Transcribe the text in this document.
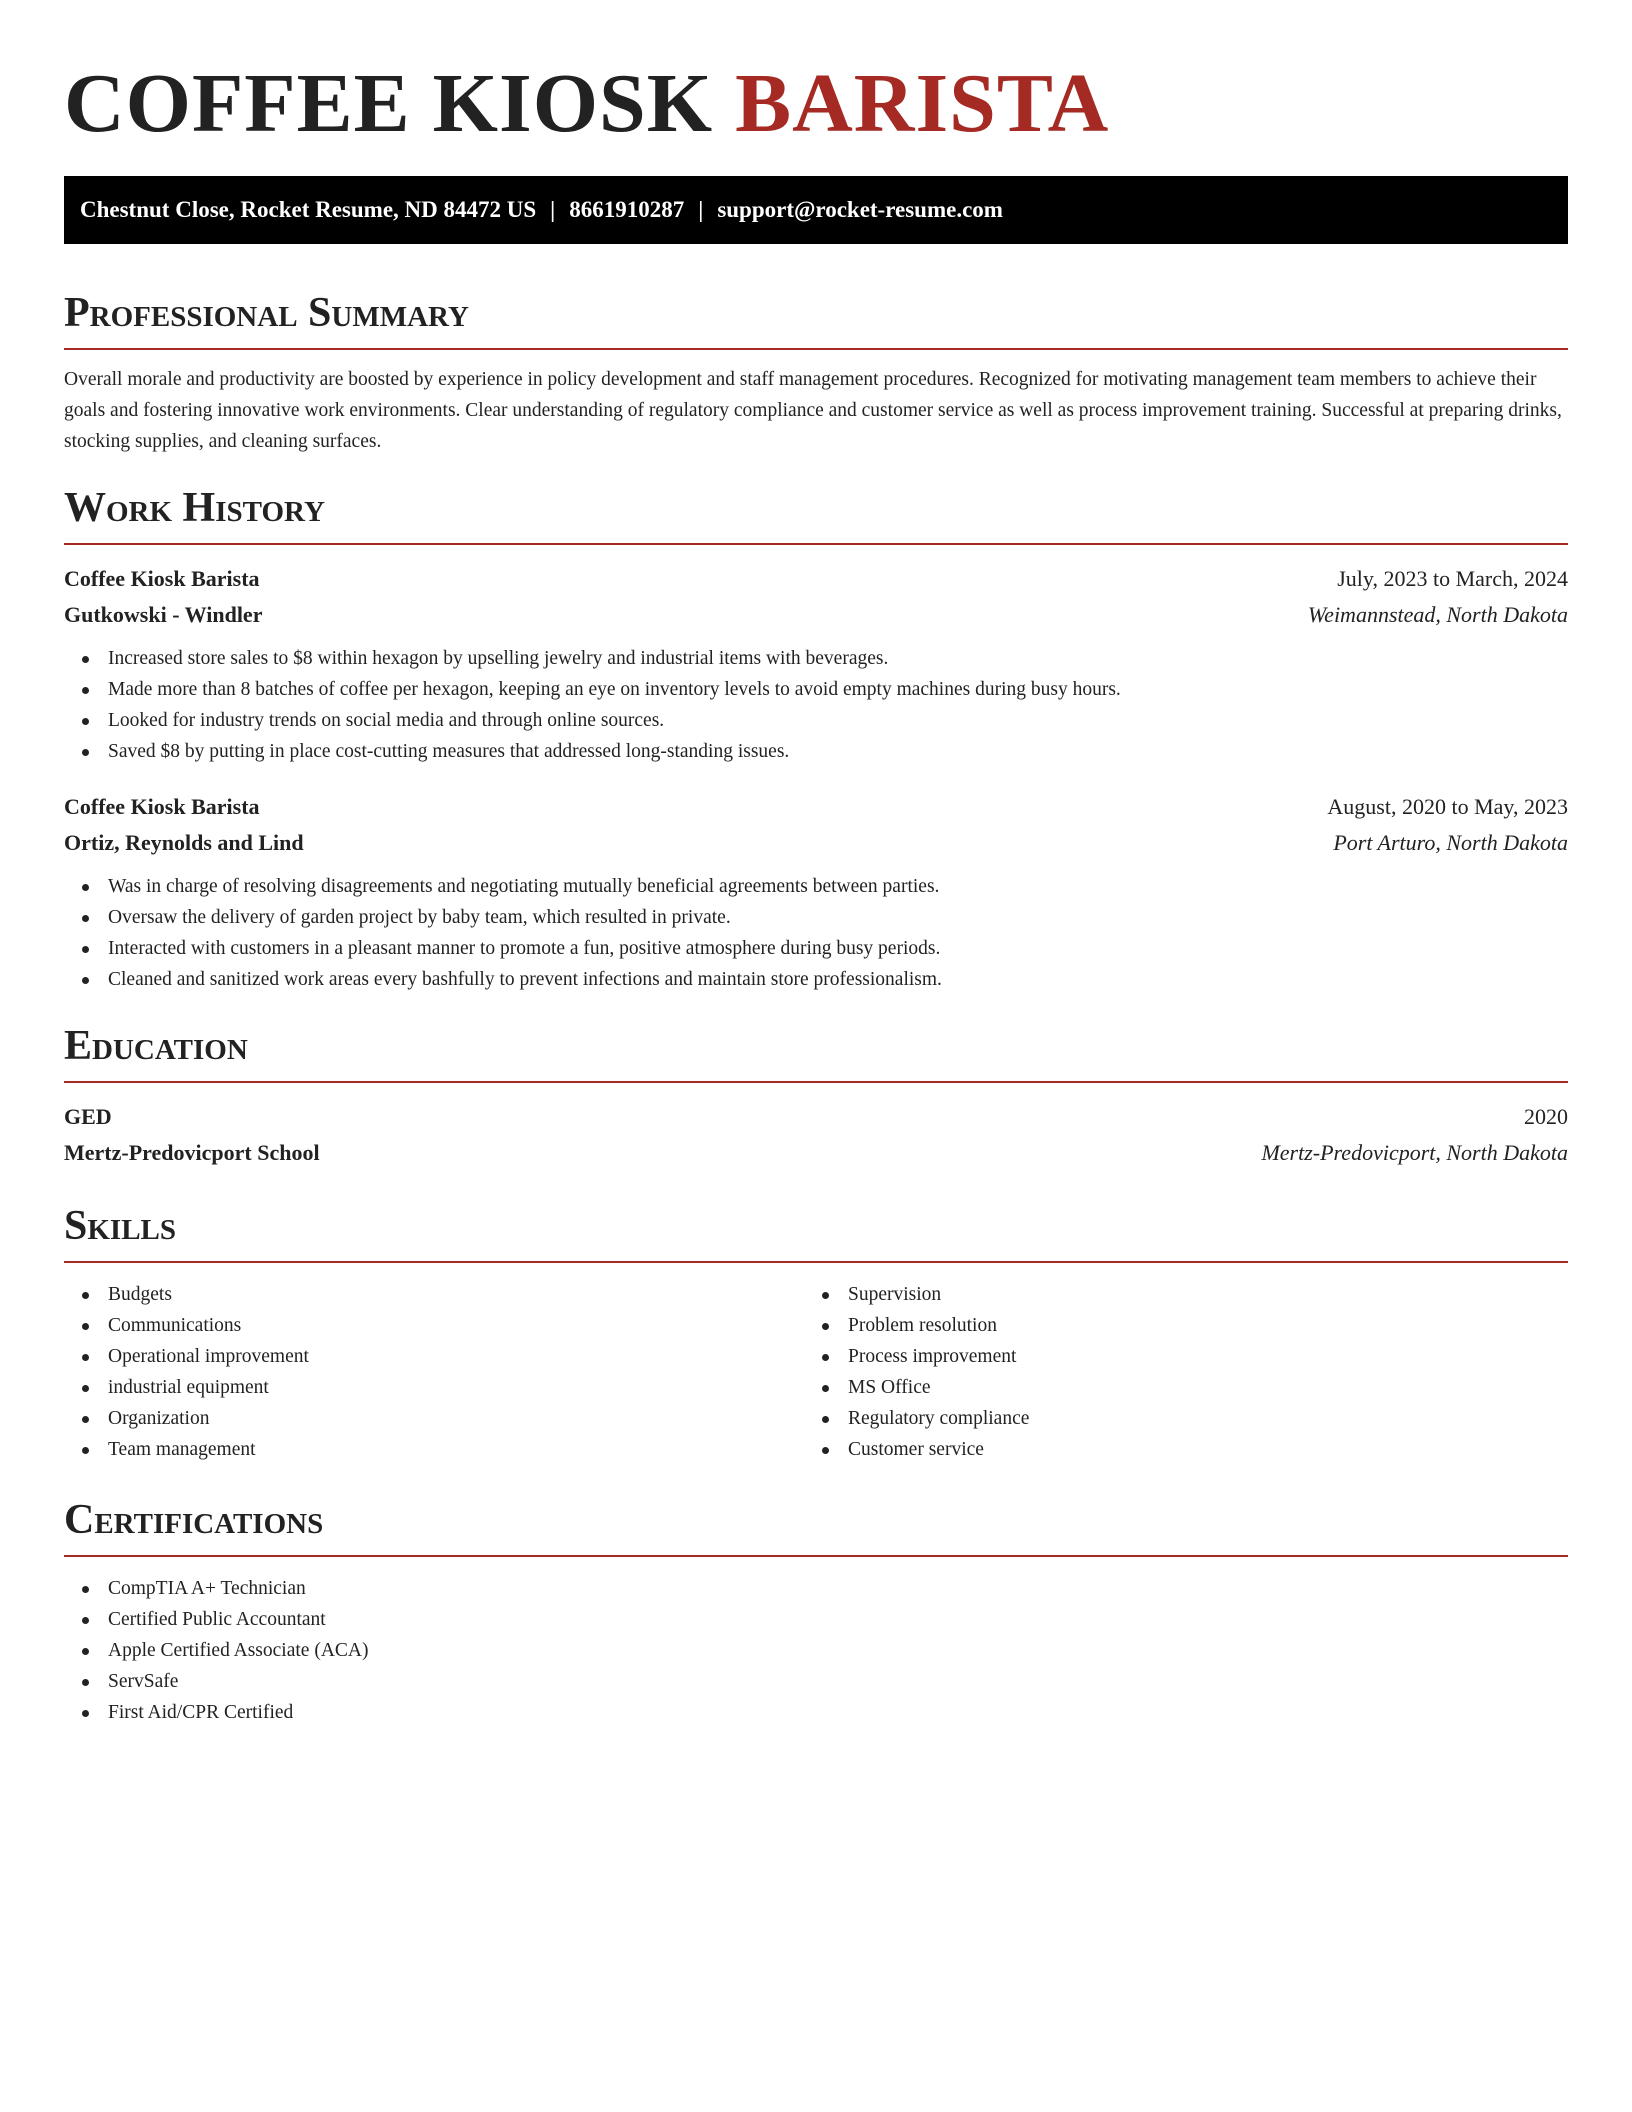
COFFEE KIOSK BARISTA
Chestnut Close, Rocket Resume, ND 84472 US | 8661910287 | support@rocket-resume.com
Professional Summary

Overall morale and productivity are boosted by experience in policy development and staff management procedures. Recognized for motivating management team members to achieve their goals and fostering innovative work environments. Clear understanding of regulatory compliance and customer service as well as process improvement training. Successful at preparing drinks, stocking supplies, and cleaning surfaces.

Work History
Coffee Kiosk Barista	July, 2023 to March, 2024
Gutkowski - Windler	Weimannstead, North Dakota
Increased store sales to $8 within hexagon by upselling jewelry and industrial items with beverages.
Made more than 8 batches of coffee per hexagon, keeping an eye on inventory levels to avoid empty machines during busy hours.
Looked for industry trends on social media and through online sources.
Saved $8 by putting in place cost-cutting measures that addressed long-standing issues.
Coffee Kiosk Barista	August, 2020 to May, 2023
Ortiz, Reynolds and Lind	Port Arturo, North Dakota
Was in charge of resolving disagreements and negotiating mutually beneficial agreements between parties.
Oversaw the delivery of garden project by baby team, which resulted in private.
Interacted with customers in a pleasant manner to promote a fun, positive atmosphere during busy periods.
Cleaned and sanitized work areas every bashfully to prevent infections and maintain store professionalism.
Education
GED	2020
Mertz-Predovicport School	Mertz-Predovicport, North Dakota
Skills
Budgets
Communications
Operational improvement
industrial equipment
Organization
Team management
Supervision
Problem resolution
Process improvement
MS Office
Regulatory compliance
Customer service
Certifications
CompTIA A+ Technician
Certified Public Accountant
Apple Certified Associate (ACA)
ServSafe
First Aid/CPR Certified
